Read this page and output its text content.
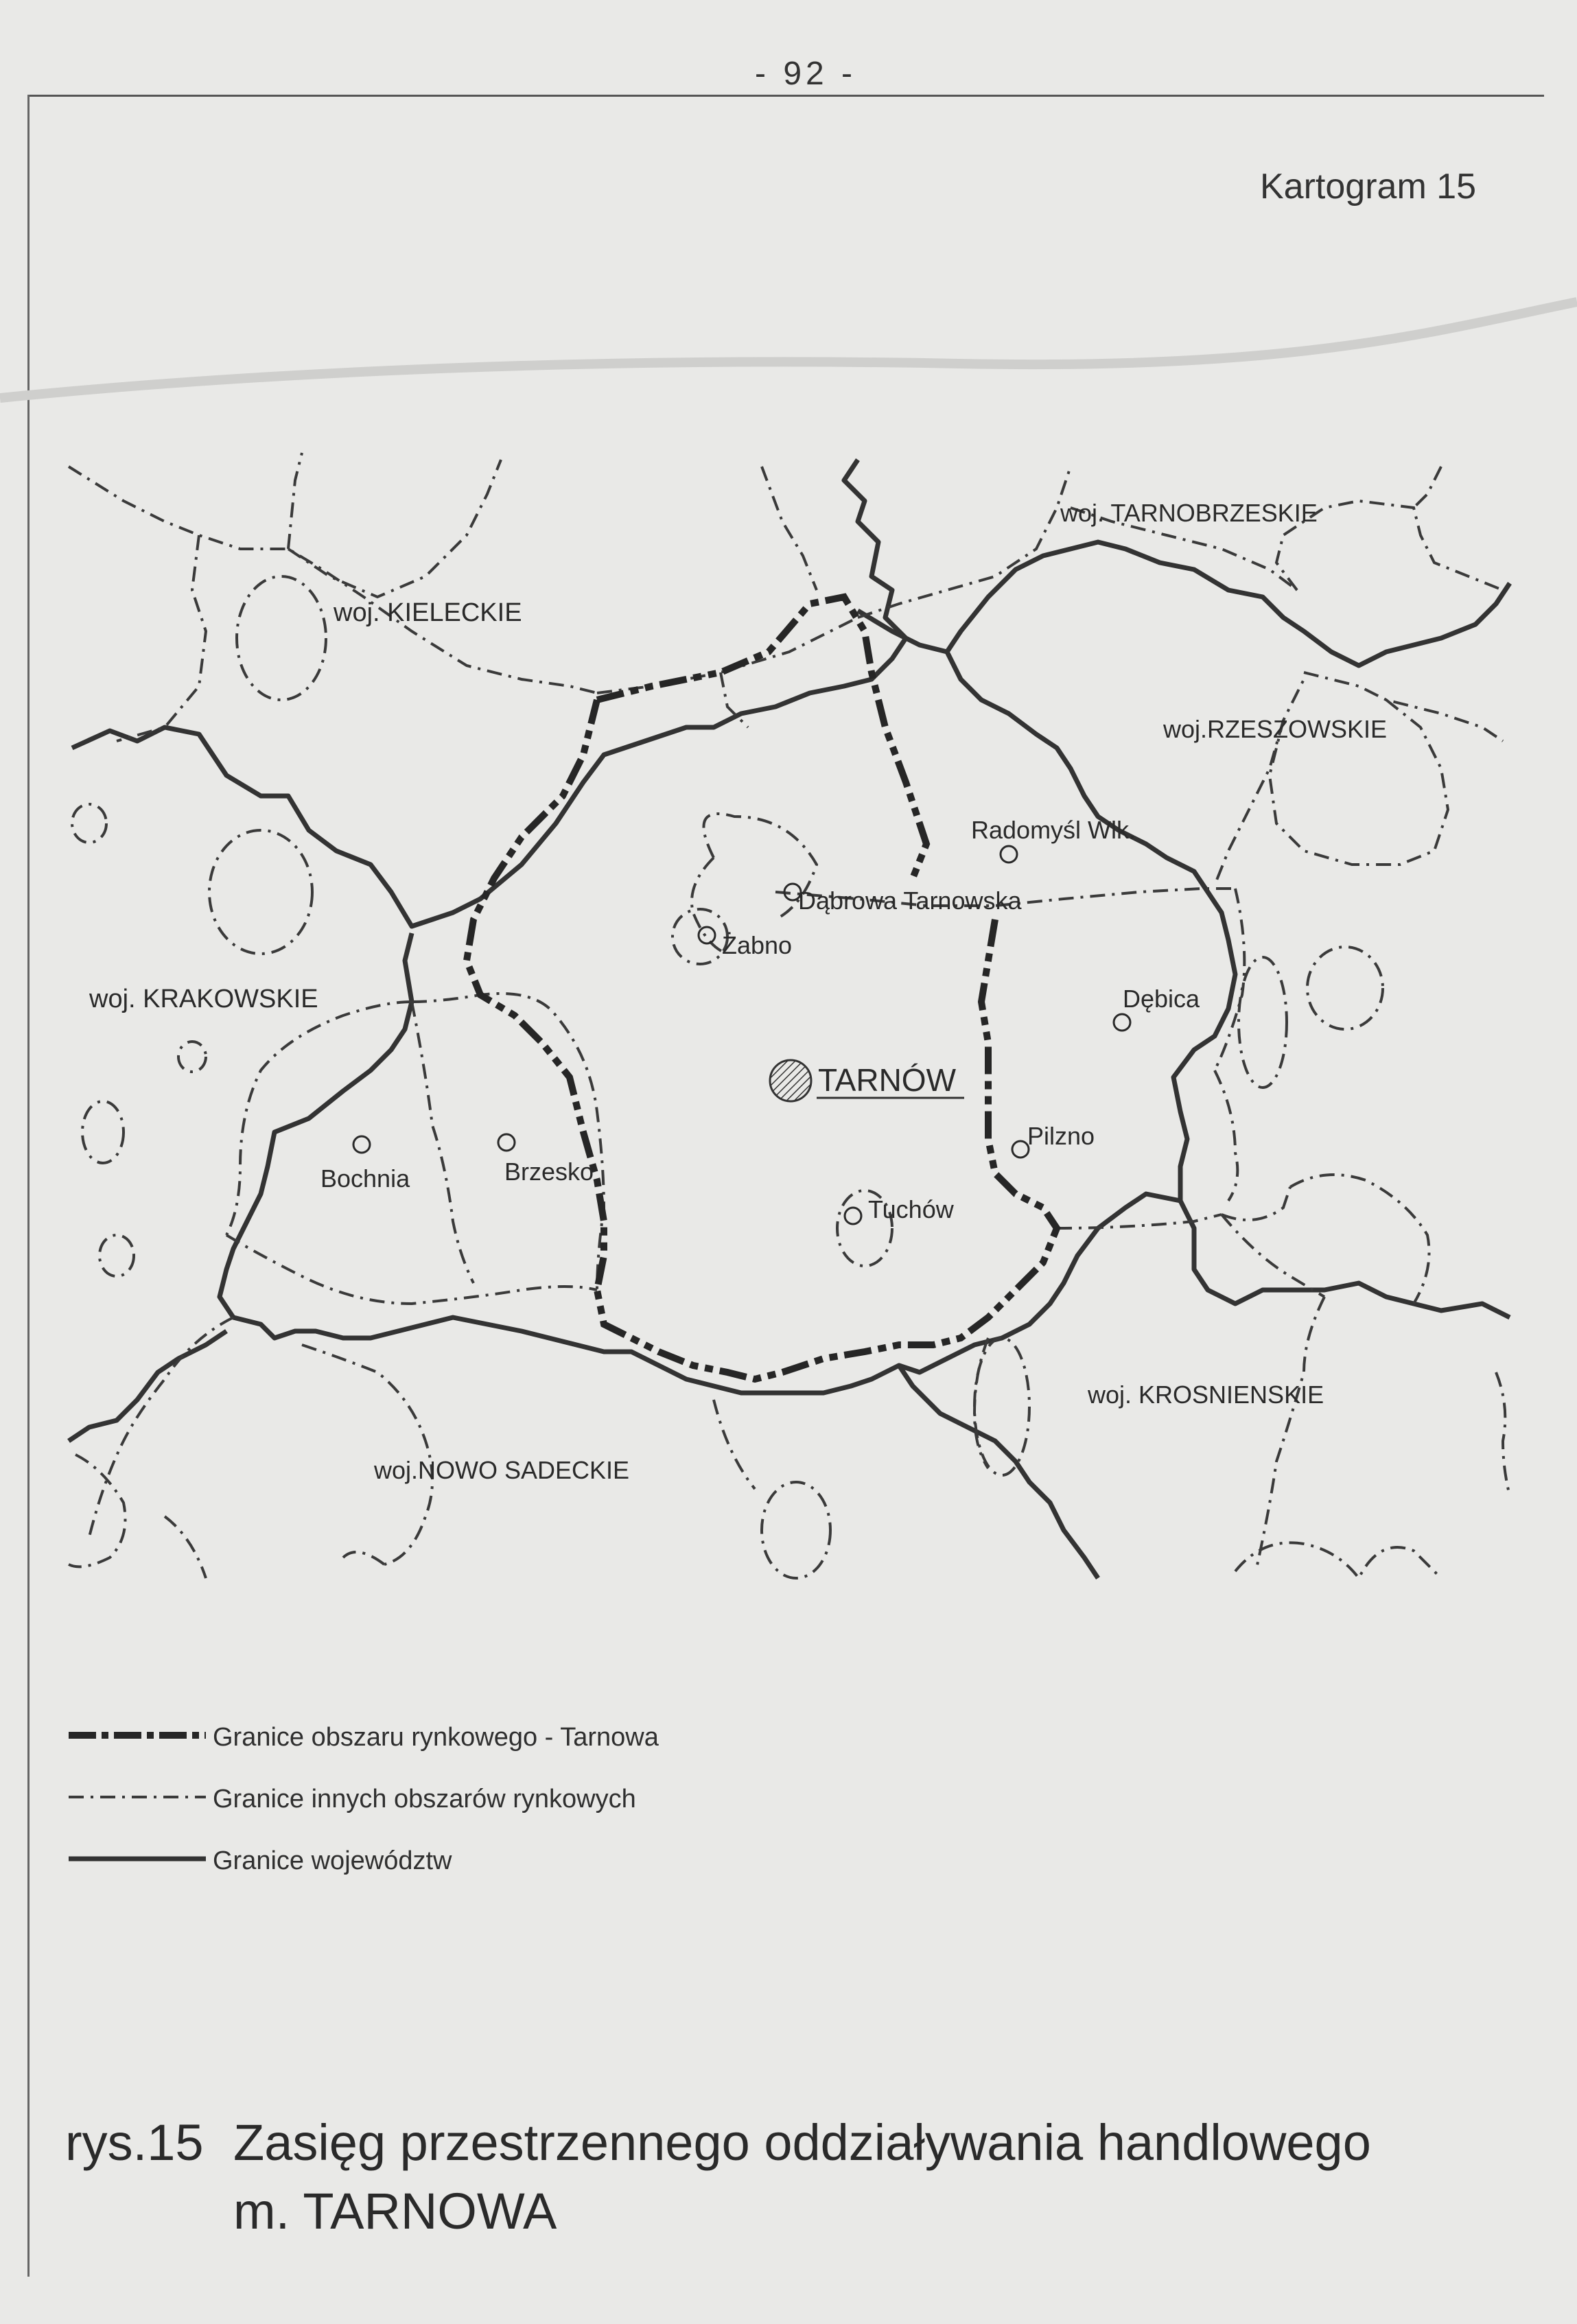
- 92 -
Kartogram 15
woj. KIELECKIE
woj. TARNOBRZESKIE
woj.RZESZOWSKIE
woj. KRAKOWSKIE
woj. KROSNIENSKIE
woj.NOWO SADECKIE
TARNÓW
Radomyśl Wlk.
Dąbrowa Tarnowska
Żabno
Dębica
Pilzno
Tuchów
Bochnia	Brzesko
Granice obszaru rynkowego - Tarnowa
Granice innych obszarów rynkowych
Granice województw
rys.15 Zasięg przestrzennego oddziaływania handlowego
m. TARNOWA
